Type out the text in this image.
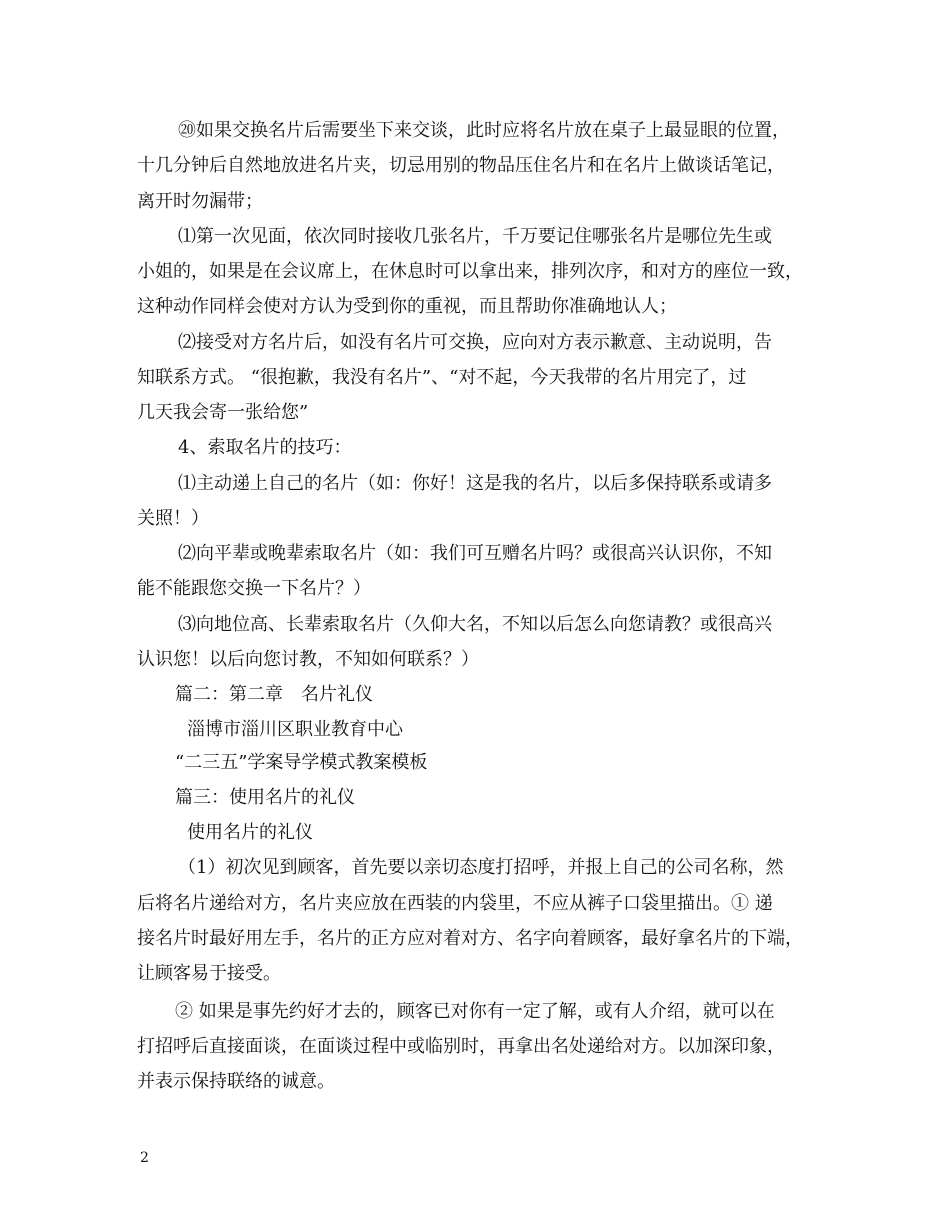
⑳如果交换名片后需要坐下来交谈，此时应将名片放在桌子上最显眼的位置，
十几分钟后自然地放进名片夹，切忌用别的物品压住名片和在名片上做谈话笔记，
离开时勿漏带；
⑴第一次见面，依次同时接收几张名片，千万要记住哪张名片是哪位先生或
小姐的，如果是在会议席上，在休息时可以拿出来，排列次序，和对方的座位一致，
这种动作同样会使对方认为受到你的重视，而且帮助你准确地认人；
⑵接受对方名片后，如没有名片可交换，应向对方表示歉意、主动说明，告
知联系方式。 “很抱歉，我没有名片”、“对不起，今天我带的名片用完了，过
几天我会寄一张给您”
4、索取名片的技巧：
⑴主动递上自己的名片（如：你好！这是我的名片，以后多保持联系或请多
关照！）
⑵向平辈或晚辈索取名片（如：我们可互赠名片吗？或很高兴认识你，不知
能不能跟您交换一下名片？）
⑶向地位高、长辈索取名片（久仰大名，不知以后怎么向您请教？或很高兴
认识您！以后向您讨教，不知如何联系？）
篇二：第二章　名片礼仪
淄博市淄川区职业教育中心
“二三五”学案导学模式教案模板
篇三：使用名片的礼仪
使用名片的礼仪
（1）初次见到顾客，首先要以亲切态度打招呼，并报上自己的公司名称，然
后将名片递给对方，名片夹应放在西装的内袋里，不应从裤子口袋里描出。① 递
接名片时最好用左手，名片的正方应对着对方、名字向着顾客，最好拿名片的下端，
让顾客易于接受。
② 如果是事先约好才去的，顾客已对你有一定了解，或有人介绍，就可以在
打招呼后直接面谈，在面谈过程中或临别时，再拿出名处递给对方。以加深印象，
并表示保持联络的诚意。
2
